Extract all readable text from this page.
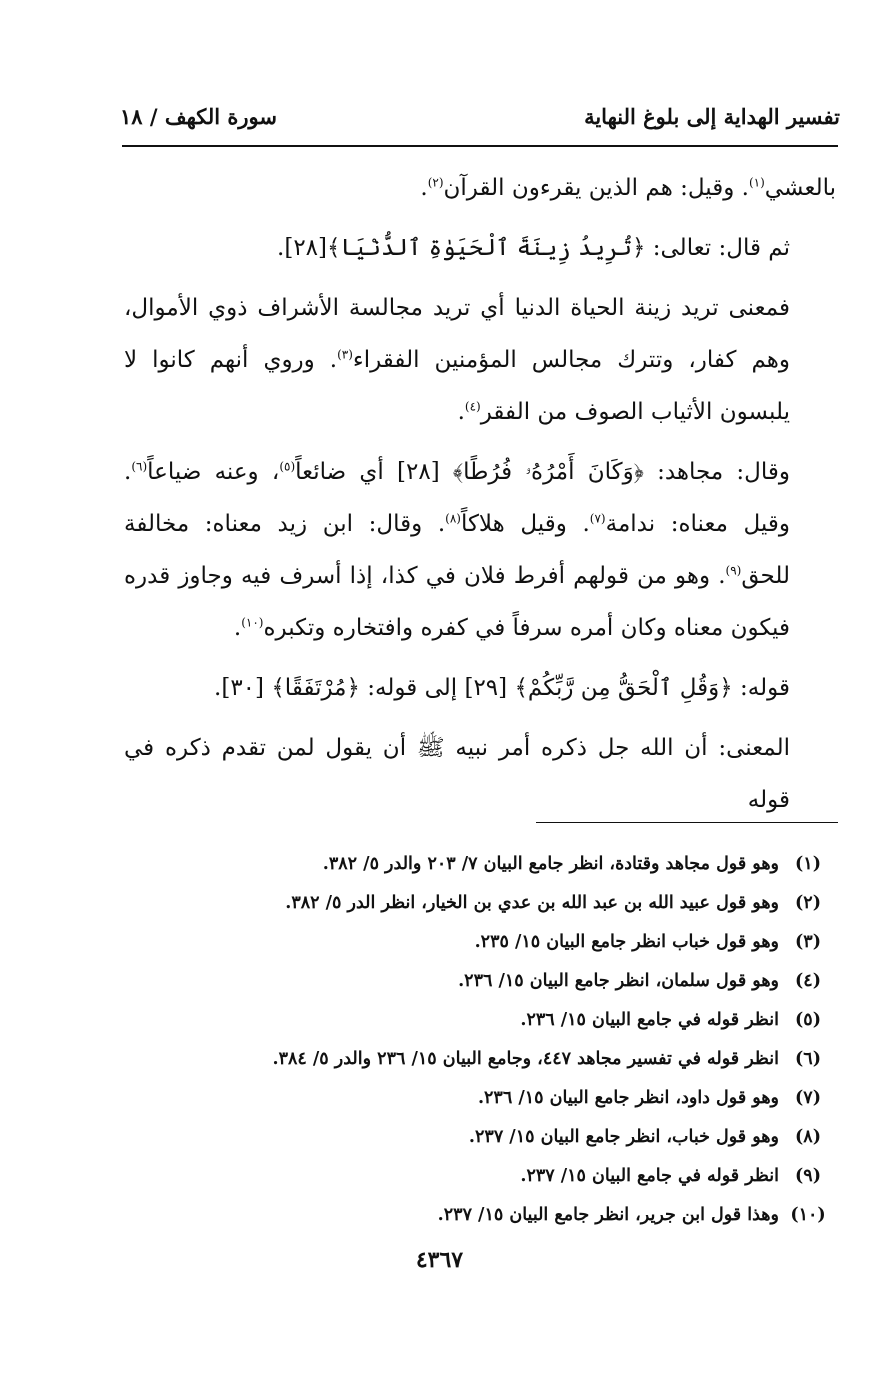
تفسير الهداية إلى بلوغ النهاية
سورة الكهف / ١٨

بالعشي$^{(١)}$. وقيل: هم الذين يقرءون القرآن$^{(٢)}$.

ثم قال: تعالى: ﴿تُرِيدُ زِينَةَ ٱلْحَيَوٰةِ ٱلدُّنْيَا﴾[٢٨].

فمعنى تريد زينة الحياة الدنيا أي تريد مجالسة الأشراف ذوي الأموال، وهم كفار، وتترك مجالس المؤمنين الفقراء$^{(٣)}$. وروي أنهم كانوا لا يلبسون الأثياب الصوف من الفقر$^{(٤)}$.

وقال: مجاهد: ﴿وَكَانَ أَمْرُهُۥ فُرُطًا﴾ [٢٨] أي ضائعاً$^{(٥)}$، وعنه ضياعاً$^{(٦)}$. وقيل معناه: ندامة$^{(٧)}$. وقيل هلاكاً$^{(٨)}$. وقال: ابن زيد معناه: مخالفة للحق$^{(٩)}$. وهو من قولهم أفرط فلان في كذا، إذا أسرف فيه وجاوز قدره فيكون معناه وكان أمره سرفاً في كفره وافتخاره وتكبره$^{(١٠)}$.

قوله: ﴿وَقُلِ ٱلْحَقُّ مِن رَّبِّكُمْ﴾ [٢٩] إلى قوله: ﴿مُرْتَفَقًا﴾ [٣٠].

المعنى: أن الله جل ذكره أمر نبيه ﷺ أن يقول لمن تقدم ذكره في قوله

(١)
وهو قول مجاهد وقتادة، انظر جامع البيان ٧/ ٢٠٣ والدر ٥/ ٣٨٢.
(٢)
وهو قول عبيد الله بن عبد الله بن عدي بن الخيار، انظر الدر ٥/ ٣٨٢.
(٣)
وهو قول خباب انظر جامع البيان ١٥/ ٢٣٥.
(٤)
وهو قول سلمان، انظر جامع البيان ١٥/ ٢٣٦.
(٥)
انظر قوله في جامع البيان ١٥/ ٢٣٦.
(٦)
انظر قوله في تفسير مجاهد ٤٤٧، وجامع البيان ١٥/ ٢٣٦ والدر ٥/ ٣٨٤.
(٧)
وهو قول داود، انظر جامع البيان ١٥/ ٢٣٦.
(٨)
وهو قول خباب، انظر جامع البيان ١٥/ ٢٣٧.
(٩)
انظر قوله في جامع البيان ١٥/ ٢٣٧.
(١٠)
وهذا قول ابن جرير، انظر جامع البيان ١٥/ ٢٣٧.
٤٣٦٧
